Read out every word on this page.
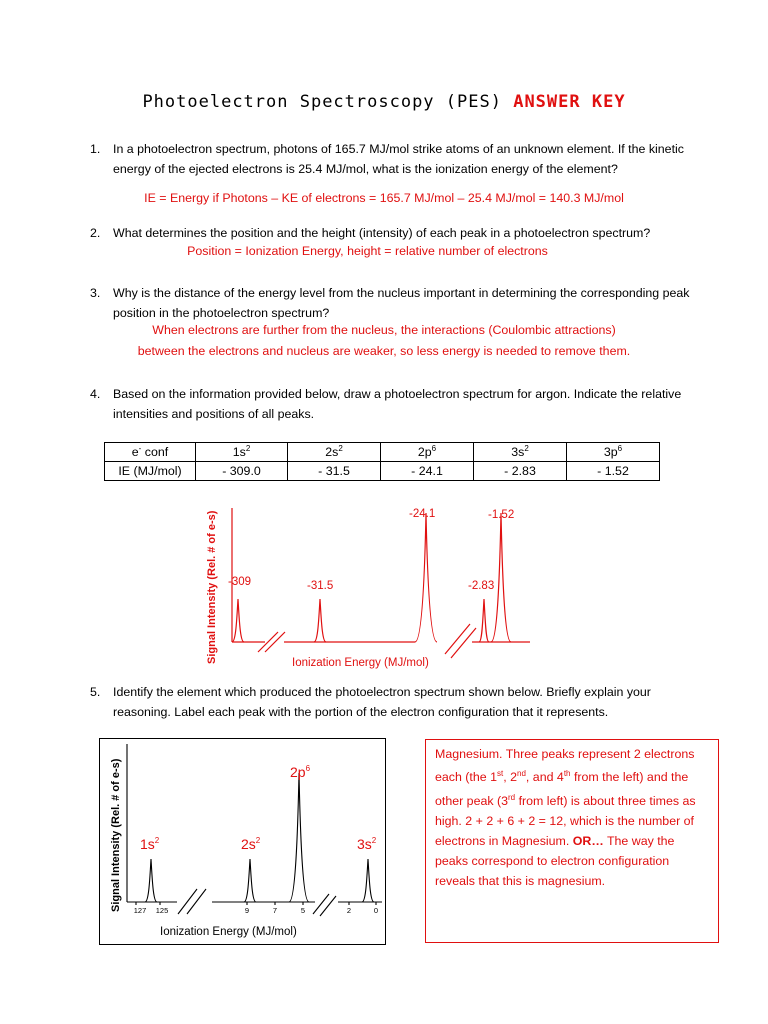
Photoelectron Spectroscopy (PES) ANSWER KEY
1. In a photoelectron spectrum, photons of 165.7 MJ/mol strike atoms of an unknown element. If the kinetic energy of the ejected electrons is 25.4 MJ/mol, what is the ionization energy of the element?
IE = Energy if Photons – KE of electrons = 165.7 MJ/mol – 25.4 MJ/mol = 140.3 MJ/mol
2. What determines the position and the height (intensity) of each peak in a photoelectron spectrum?
Position = Ionization Energy, height = relative number of electrons
3. Why is the distance of the energy level from the nucleus important in determining the corresponding peak position in the photoelectron spectrum?
When electrons are further from the nucleus, the interactions (Coulombic attractions)
between the electrons and nucleus are weaker, so less energy is needed to remove them.
4. Based on the information provided below, draw a photoelectron spectrum for argon. Indicate the relative intensities and positions of all peaks.
e- conf	$1s^2$	$2s^2$	$2p^6$	$3s^2$	$3p^6$
IE (MJ/mol)	- 309.0	- 31.5	- 24.1	- 2.83	- 1.52
-309	-31.5
-24.1
-2.83
-1.52
Ionization Energy (MJ/mol)
Signal Intensity (Rel. # of e-s)
5. Identify the element which produced the photoelectron spectrum shown below. Briefly explain your reasoning. Label each peak with the portion of the electron configuration that it represents.
127 125	9	7	5	2	0
$1s^2$	$2s^2$
$2p^6$
$3s^2$
Ionization Energy (MJ/mol)
Signal Intensity (Rel. # of e-s)

Magnesium. Three peaks represent 2 electrons each (the 1st, 2nd, and 4th from the left) and the other peak (3rd from left) is about three times as high. 2 + 2 + 6 + 2 = 12, which is the number of electrons in Magnesium. OR… The way the peaks correspond to electron configuration reveals that this is magnesium.
